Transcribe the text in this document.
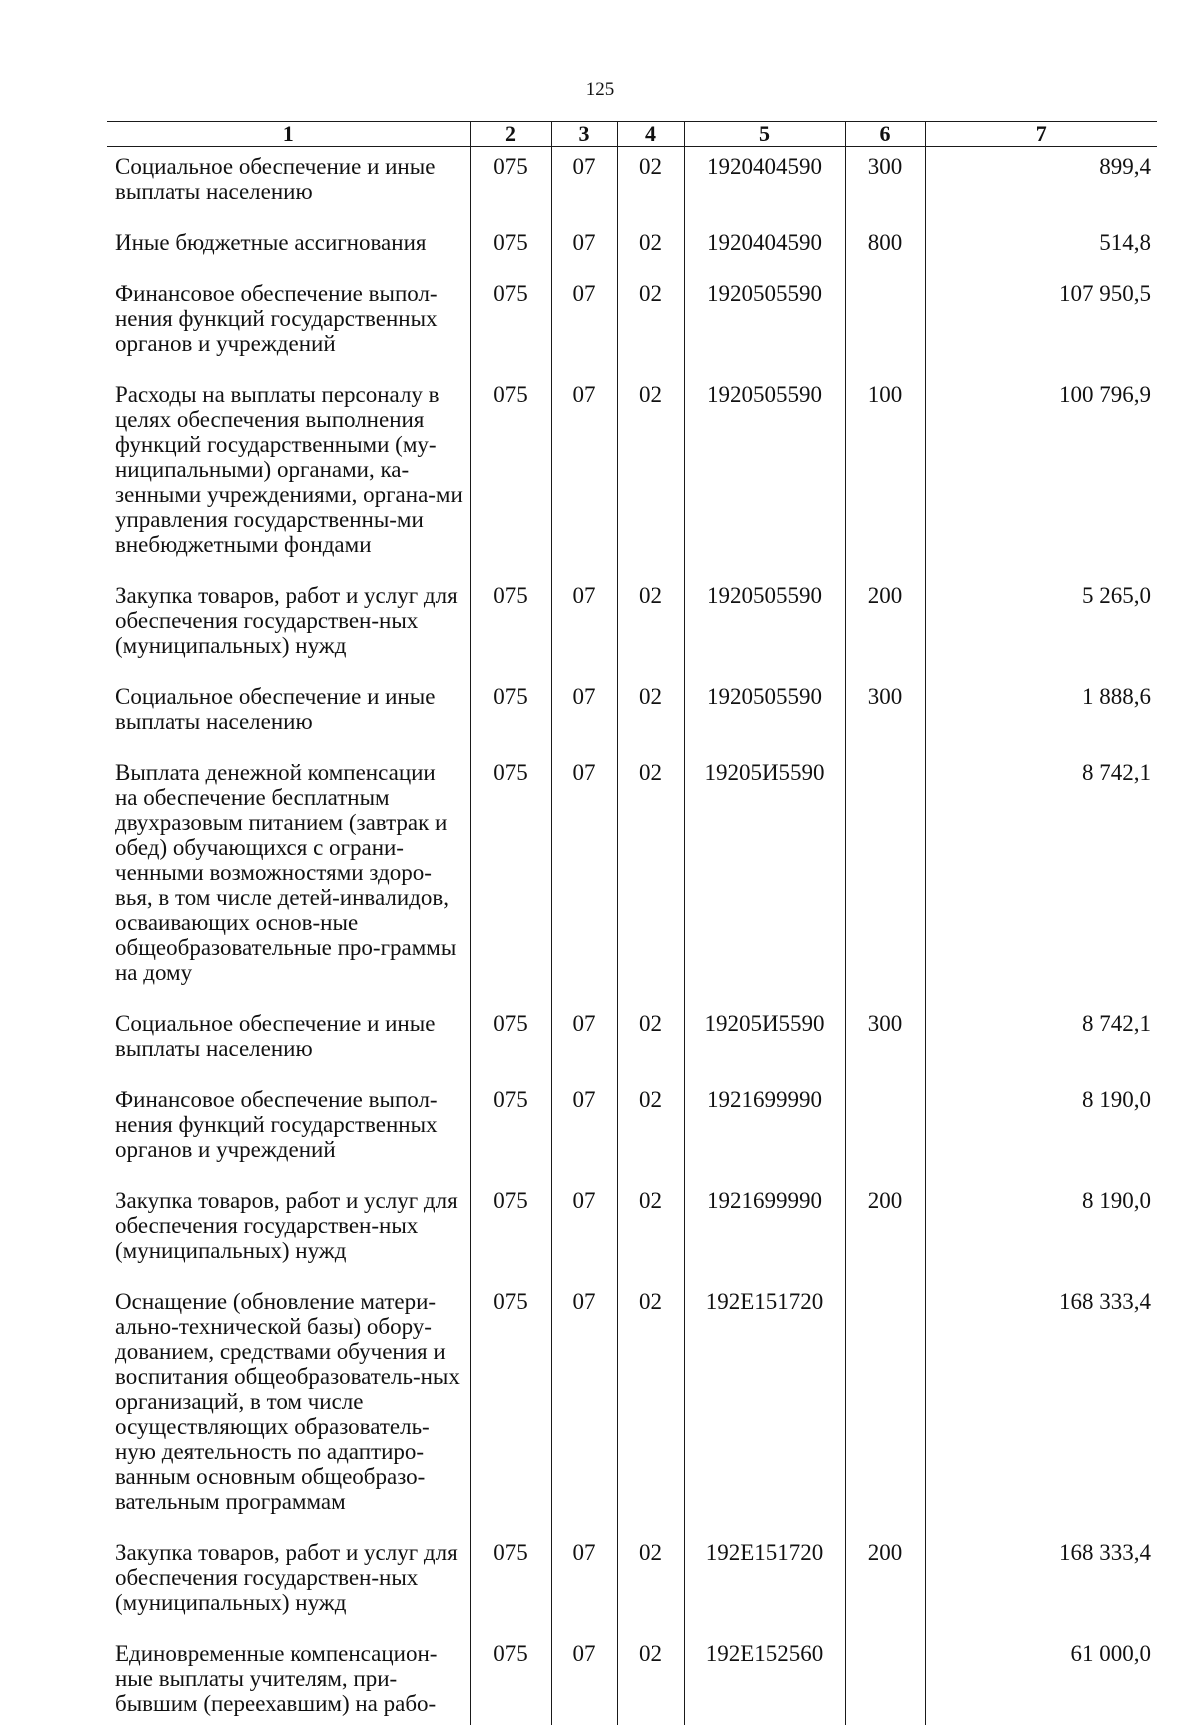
125
1	2	3	4	5	6	7
Социальное обеспечение и иные выплаты населению	075	07	02	1920404590	300	899,4
Иные бюджетные ассигнования	075	07	02	1920404590	800	514,8
Финансовое обеспечение выпол-нения функций государственных органов и учреждений	075	07	02	1920505590		107 950,5
Расходы на выплаты персоналу в целях обеспечения выполнения функций государственными (му-ниципальными) органами, ка-зенными учреждениями, органа-ми управления государственны-ми внебюджетными фондами	075	07	02	1920505590	100	100 796,9
Закупка товаров, работ и услуг для обеспечения государствен-ных (муниципальных) нужд	075	07	02	1920505590	200	5 265,0
Социальное обеспечение и иные выплаты населению	075	07	02	1920505590	300	1 888,6
Выплата денежной компенсации на обеспечение бесплатным двухразовым питанием (завтрак и обед) обучающихся с ограни-ченными возможностями здоро-вья, в том числе детей-инвалидов, осваивающих основ-ные общеобразовательные про-граммы на дому	075	07	02	19205И5590		8 742,1
Социальное обеспечение и иные выплаты населению	075	07	02	19205И5590	300	8 742,1
Финансовое обеспечение выпол-нения функций государственных органов и учреждений	075	07	02	1921699990		8 190,0
Закупка товаров, работ и услуг для обеспечения государствен-ных (муниципальных) нужд	075	07	02	1921699990	200	8 190,0
Оснащение (обновление матери-ально-технической базы) обору-дованием, средствами обучения и воспитания общеобразователь-ных организаций, в том числе осуществляющих образователь-ную деятельность по адаптиро-ванным основным общеобразо-вательным программам	075	07	02	192Е151720		168 333,4
Закупка товаров, работ и услуг для обеспечения государствен-ных (муниципальных) нужд	075	07	02	192Е151720	200	168 333,4
Единовременные компенсацион-ные выплаты учителям, при-бывшим (переехавшим) на рабо-	075	07	02	192Е152560		61 000,0
